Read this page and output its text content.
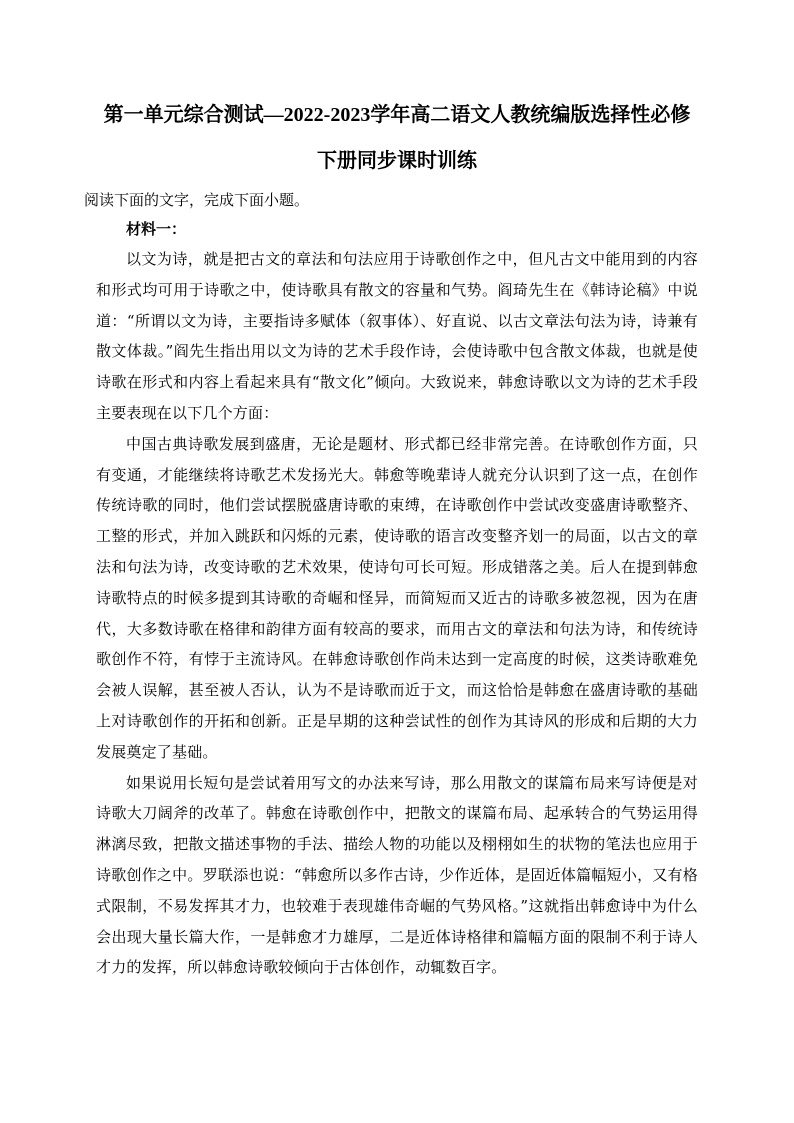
第一单元综合测试—2022-2023学年高二语文人教统编版选择性必修
下册同步课时训练

阅读下面的文字，完成下面小题。

材料一：

以文为诗，就是把古文的章法和句法应用于诗歌创作之中，但凡古文中能用到的内容和形式均可用于诗歌之中，使诗歌具有散文的容量和气势。阎琦先生在《韩诗论稿》中说道：“所谓以文为诗，主要指诗多赋体（叙事体）、好直说、以古文章法句法为诗，诗兼有散文体裁。”阎先生指出用以文为诗的艺术手段作诗，会使诗歌中包含散文体裁，也就是使诗歌在形式和内容上看起来具有“散文化”倾向。大致说来，韩愈诗歌以文为诗的艺术手段主要表现在以下几个方面：

中国古典诗歌发展到盛唐，无论是题材、形式都已经非常完善。在诗歌创作方面，只有变通，才能继续将诗歌艺术发扬光大。韩愈等晚辈诗人就充分认识到了这一点，在创作传统诗歌的同时，他们尝试摆脱盛唐诗歌的束缚，在诗歌创作中尝试改变盛唐诗歌整齐、工整的形式，并加入跳跃和闪烁的元素，使诗歌的语言改变整齐划一的局面，以古文的章法和句法为诗，改变诗歌的艺术效果，使诗句可长可短。形成错落之美。后人在提到韩愈诗歌特点的时候多提到其诗歌的奇崛和怪异，而简短而又近古的诗歌多被忽视，因为在唐代，大多数诗歌在格律和韵律方面有较高的要求，而用古文的章法和句法为诗，和传统诗歌创作不符，有悖于主流诗风。在韩愈诗歌创作尚未达到一定高度的时候，这类诗歌难免会被人误解，甚至被人否认，认为不是诗歌而近于文，而这恰恰是韩愈在盛唐诗歌的基础上对诗歌创作的开拓和创新。正是早期的这种尝试性的创作为其诗风的形成和后期的大力发展奠定了基础。

如果说用长短句是尝试着用写文的办法来写诗，那么用散文的谋篇布局来写诗便是对诗歌大刀阔斧的改革了。韩愈在诗歌创作中，把散文的谋篇布局、起承转合的气势运用得淋漓尽致，把散文描述事物的手法、描绘人物的功能以及栩栩如生的状物的笔法也应用于诗歌创作之中。罗联添也说：“韩愈所以多作古诗，少作近体，是固近体篇幅短小，又有格式限制，不易发挥其才力，也较难于表现雄伟奇崛的气势风格。”这就指出韩愈诗中为什么会出现大量长篇大作，一是韩愈才力雄厚，二是近体诗格律和篇幅方面的限制不利于诗人才力的发挥，所以韩愈诗歌较倾向于古体创作，动辄数百字。
